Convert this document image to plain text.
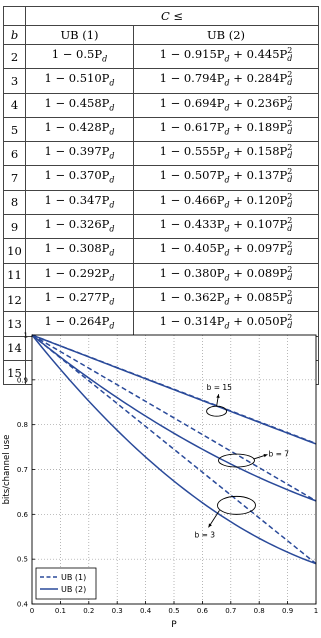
	C ≤	
b	UB (1)	UB (2)
2	$1 - 0.5P_d$	$1 - 0.915P_d + 0.445P2$
d
3	$1 - 0.510P_d$	$1 - 0.794P_d + 0.284P2$
d
4	$1 - 0.458P_d$	$1 - 0.694P_d + 0.236P2$
d
5	$1 - 0.428P_d$	$1 - 0.617P_d + 0.189P2$
d
6	$1 - 0.397P_d$	$1 - 0.555P_d + 0.158P2$
d
7	$1 - 0.370P_d$	$1 - 0.507P_d + 0.137P2$
d
8	$1 - 0.347P_d$	$1 - 0.466P_d + 0.120P2$
d
9	$1 - 0.326P_d$	$1 - 0.433P_d + 0.107P2$
d
10	$1 - 0.308P_d$	$1 - 0.405P_d + 0.097P2$
d
11	$1 - 0.292P_d$	$1 - 0.380P_d + 0.089P2$
d
12	$1 - 0.277P_d$	$1 - 0.362P_d + 0.085P2$
d
13	$1 - 0.264P_d$	$1 - 0.314P_d + 0.050P2$
d
14		

15		

0	0.1 0.2 0.3 0.4 0.5 0.6 0.7 0.8 0.9	1
0.4
0.5
0.6
0.7
0.8
0.9
1
b = 15
b = 7
b = 3
UB (1)
UB (2)
P
bits/channel use
